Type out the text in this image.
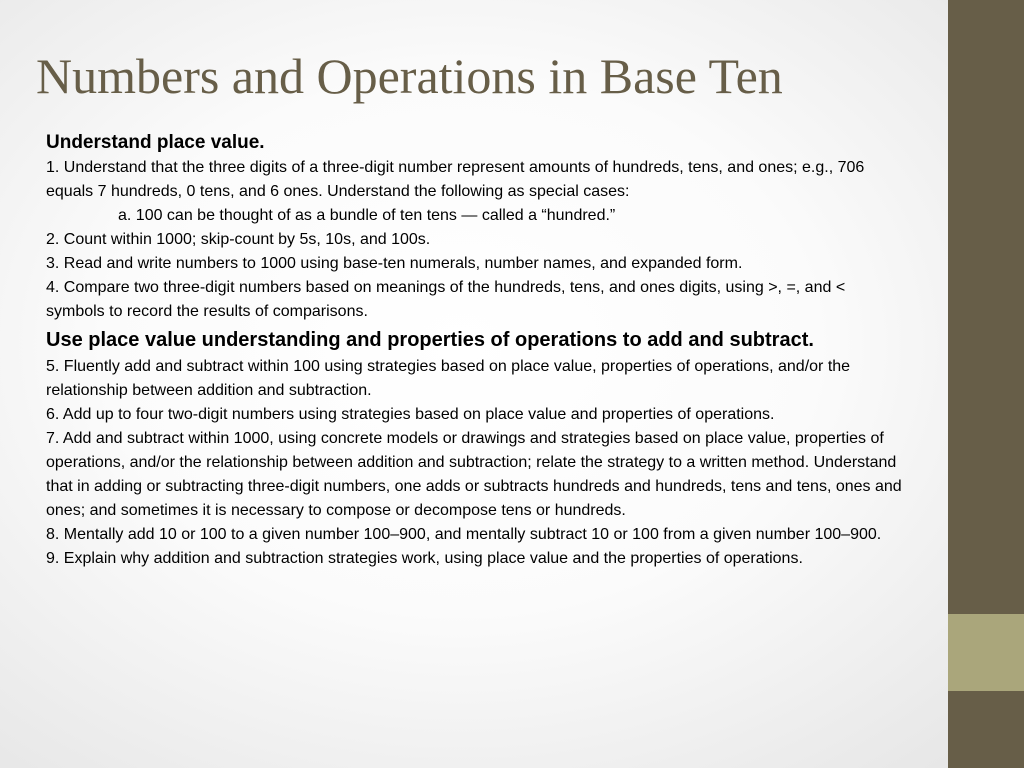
Numbers and Operations in Base Ten

Understand place value.

1. Understand that the three digits of a three-digit number represent amounts of hundreds, tens, and ones; e.g., 706 equals 7 hundreds, 0 tens, and 6 ones. Understand the following as special cases:

a. 100 can be thought of as a bundle of ten tens — called a “hundred.”

2. Count within 1000; skip-count by 5s, 10s, and 100s.

3. Read and write numbers to 1000 using base-ten numerals, number names, and expanded form.

4. Compare two three-digit numbers based on meanings of the hundreds, tens, and ones digits, using >, =, and < symbols to record the results of comparisons.

Use place value understanding and properties of operations to add and subtract.

5. Fluently add and subtract within 100 using strategies based on place value, properties of operations, and/or the relationship between addition and subtraction.

6. Add up to four two-digit numbers using strategies based on place value and properties of operations.

7. Add and subtract within 1000, using concrete models or drawings and strategies based on place value, properties of operations, and/or the relationship between addition and subtraction; relate the strategy to a written method. Understand that in adding or subtracting three-digit numbers, one adds or subtracts hundreds and hundreds, tens and tens, ones and ones; and sometimes it is necessary to compose or decompose tens or hundreds.

8. Mentally add 10 or 100 to a given number 100–900, and mentally subtract 10 or 100 from a given number 100–900.

9. Explain why addition and subtraction strategies work, using place value and the properties of operations.
